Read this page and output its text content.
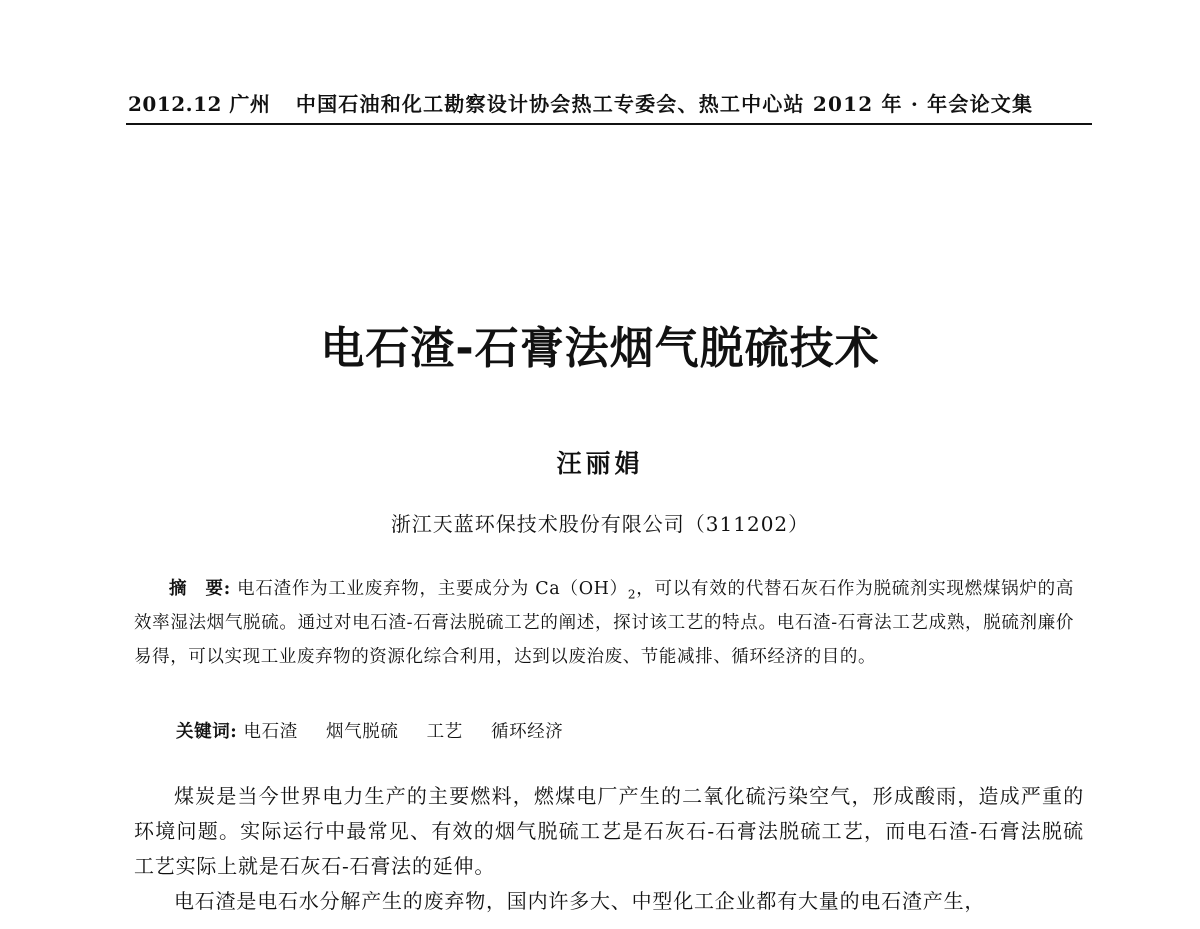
2012.12 广州 中国石油和化工勘察设计协会热工专委会、热工中心站 2012 年 · 年会论文集
电石渣-石膏法烟气脱硫技术
汪丽娟
浙江天蓝环保技术股份有限公司（311202）
摘　要: 电石渣作为工业废弃物，主要成分为 $Ca(OH)_2$，可以有效的代替石灰石作为脱硫剂实现燃煤锅炉的高效率湿法烟气脱硫。通过对电石渣-石膏法脱硫工艺的阐述，探讨该工艺的特点。电石渣-石膏法工艺成熟，脱硫剂廉价易得，可以实现工业废弃物的资源化综合利用，达到以废治废、节能减排、循环经济的目的。
关键词: 电石渣 烟气脱硫 工艺 循环经济

煤炭是当今世界电力生产的主要燃料，燃煤电厂产生的二氧化硫污染空气，形成酸雨，造成严重的环境问题。实际运行中最常见、有效的烟气脱硫工艺是石灰石-石膏法脱硫工艺，而电石渣-石膏法脱硫工艺实际上就是石灰石-石膏法的延伸。

电石渣是电石水分解产生的废弃物，国内许多大、中型化工企业都有大量的电石渣产生，
